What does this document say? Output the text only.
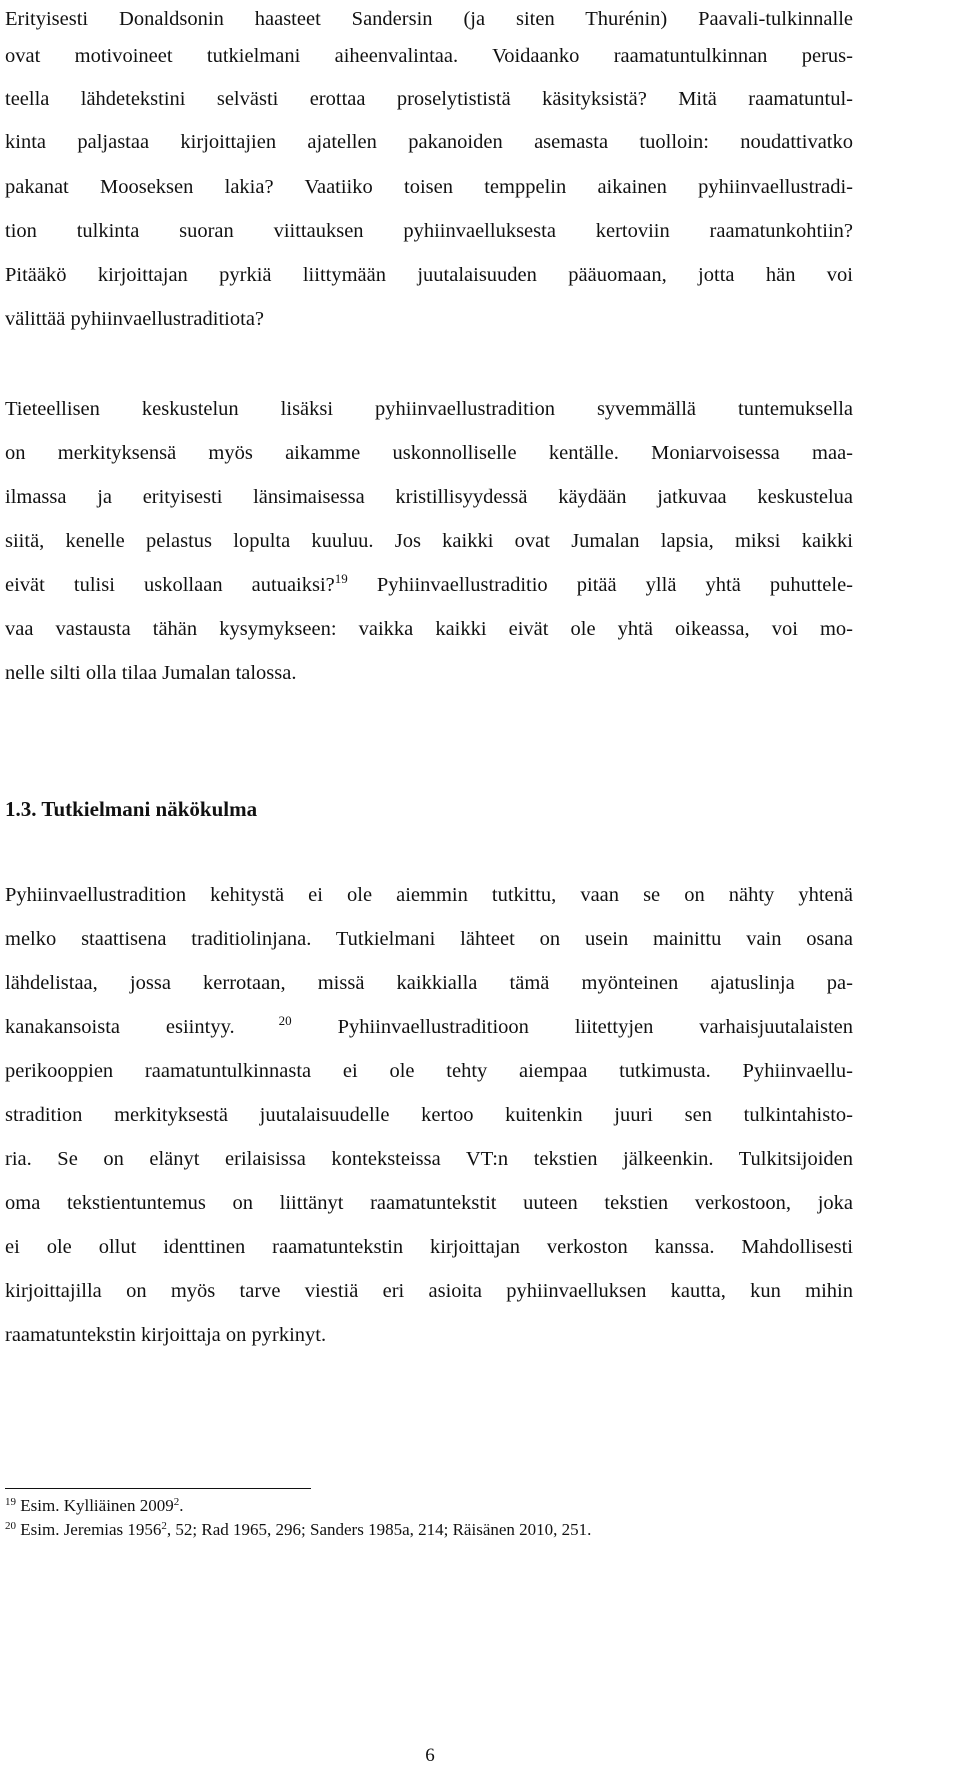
Erityisesti Donaldsonin haasteet Sandersin (ja siten Thurénin) Paavali-tulkinnalle
ovat motivoineet tutkielmani aiheenvalintaa. Voidaanko raamatuntulkinnan perus-
teella lähdetekstini selvästi erottaa proselytististä käsityksistä? Mitä raamatuntul-
kinta paljastaa kirjoittajien ajatellen pakanoiden asemasta tuolloin: noudattivatko
pakanat Mooseksen lakia? Vaatiiko toisen temppelin aikainen pyhiinvaellustradi-
tion tulkinta suoran viittauksen pyhiinvaelluksesta kertoviin raamatunkohtiin?
Pitääkö kirjoittajan pyrkiä liittymään juutalaisuuden pääuomaan, jotta hän voi
välittää pyhiinvaellustraditiota?
Tieteellisen keskustelun lisäksi pyhiinvaellustradition syvemmällä tuntemuksella
on merkityksensä myös aikamme uskonnolliselle kentälle. Moniarvoisessa maa-
ilmassa ja erityisesti länsimaisessa kristillisyydessä käydään jatkuvaa keskustelua
siitä, kenelle pelastus lopulta kuuluu. Jos kaikki ovat Jumalan lapsia, miksi kaikki
eivät tulisi uskollaan autuaiksi?$^{19}$ Pyhiinvaellustraditio pitää yllä yhtä puhuttele-
vaa vastausta tähän kysymykseen: vaikka kaikki eivät ole yhtä oikeassa, voi mo-
nelle silti olla tilaa Jumalan talossa.
1.3. Tutkielmani näkökulma
Pyhiinvaellustradition kehitystä ei ole aiemmin tutkittu, vaan se on nähty yhtenä
melko staattisena traditiolinjana. Tutkielmani lähteet on usein mainittu vain osana
lähdelistaa, jossa kerrotaan, missä kaikkialla tämä myönteinen ajatuslinja pa-
kanakansoista esiintyy. $^{20}$ Pyhiinvaellustraditioon liitettyjen varhaisjuutalaisten
perikooppien raamatuntulkinnasta ei ole tehty aiempaa tutkimusta. Pyhiinvaellu-
stradition merkityksestä juutalaisuudelle kertoo kuitenkin juuri sen tulkintahisto-
ria. Se on elänyt erilaisissa konteksteissa VT:n tekstien jälkeenkin. Tulkitsijoiden
oma tekstientuntemus on liittänyt raamatuntekstit uuteen tekstien verkostoon, joka
ei ole ollut identtinen raamatuntekstin kirjoittajan verkoston kanssa. Mahdollisesti
kirjoittajilla on myös tarve viestiä eri asioita pyhiinvaelluksen kautta, kun mihin
raamatuntekstin kirjoittaja on pyrkinyt.
$^{19}$ Esim. Kylliäinen 2009$^2$.
$^{20}$ Esim. Jeremias 1956$^2$, 52; Rad 1965, 296; Sanders 1985a, 214; Räisänen 2010, 251.
6
